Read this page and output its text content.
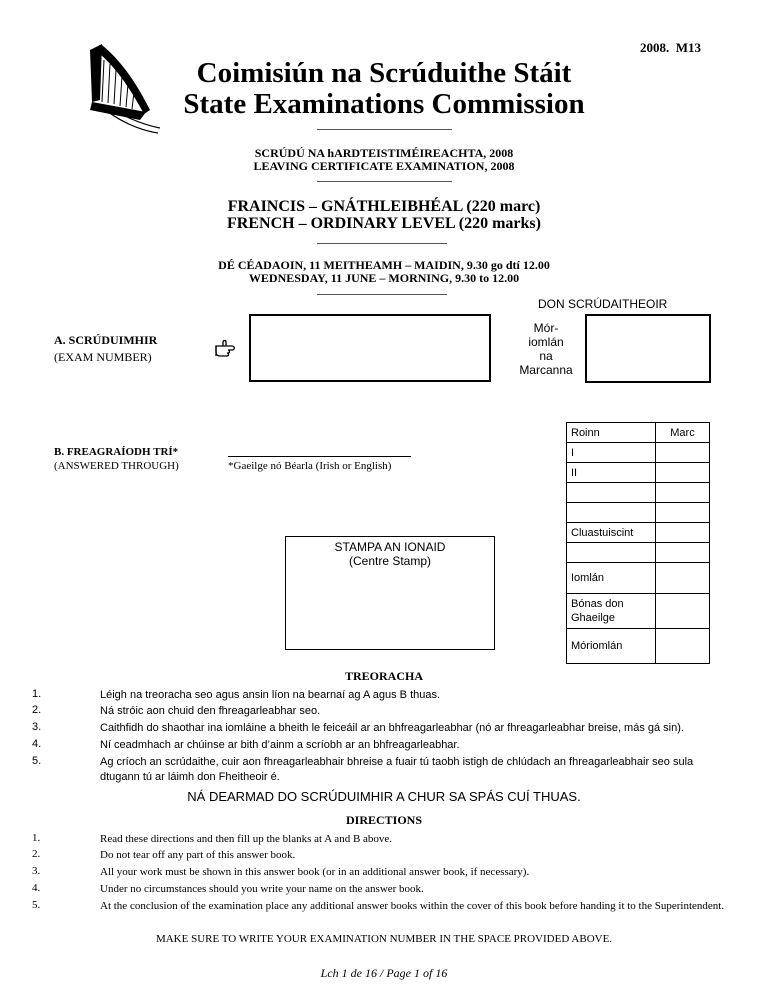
2008.  M13
Coimisiún na Scrúduithe Stáit
State Examinations Commission
SCRÚDÚ NA hARDTEISTIMÉIREACHTA, 2008
LEAVING CERTIFICATE EXAMINATION, 2008
FRAINCIS – GNÁTHLEIBHÉAL (220 marc)
FRENCH – ORDINARY LEVEL (220 marks)
DÉ CÉADAOIN, 11 MEITHEAMH – MAIDIN, 9.30 go dtí 12.00
WEDNESDAY, 11 JUNE – MORNING, 9.30 to 12.00
DON SCRÚDAITHEOIR
A. SCRÚDUIMHIR
(EXAM NUMBER)
Mór-
iomlán
na
Marcanna
Roinn	Marc
I	
II	

Cluastuiscint	

Iomlán	
Bónas don Ghaeilge	
Móriomlán	
B. FREAGRAÍODH TRÍ*
(ANSWERED THROUGH)	*Gaeilge nó Béarla (Irish or English)
STAMPA AN IONAID
(Centre Stamp)
TREORACHA
1.	Léigh na treoracha seo agus ansin líon na bearnaí ag A agus B thuas.
2.	Ná stróic aon chuid den fhreagarleabhar seo.
3.	Caithfidh do shaothar ina iomláine a bheith le feiceáil ar an bhfreagarleabhar (nó ar fhreagarleabhar breise, más gá sin).
4.	Ní ceadmhach ar chúinse ar bith d’ainm a scríobh ar an bhfreagarleabhar.
5.	Ag críoch an scrúdaithe, cuir aon fhreagarleabhair bhreise a fuair tú taobh istigh de chlúdach an fhreagarleabhair seo sula dtugann tú ar láimh don Fheitheoir é.
NÁ DEARMAD DO SCRÚDUIMHIR A CHUR SA SPÁS CUÍ THUAS.
DIRECTIONS
1.	Read these directions and then fill up the blanks at A and B above.
2.	Do not tear off any part of this answer book.
3.	All your work must be shown in this answer book (or in an additional answer book, if necessary).
4.	Under no circumstances should you write your name on the answer book.
5.	At the conclusion of the examination place any additional answer books within the cover of this book before handing it to the Superintendent.
MAKE SURE TO WRITE YOUR EXAMINATION NUMBER IN THE SPACE PROVIDED ABOVE.
Lch 1 de 16 / Page 1 of 16
